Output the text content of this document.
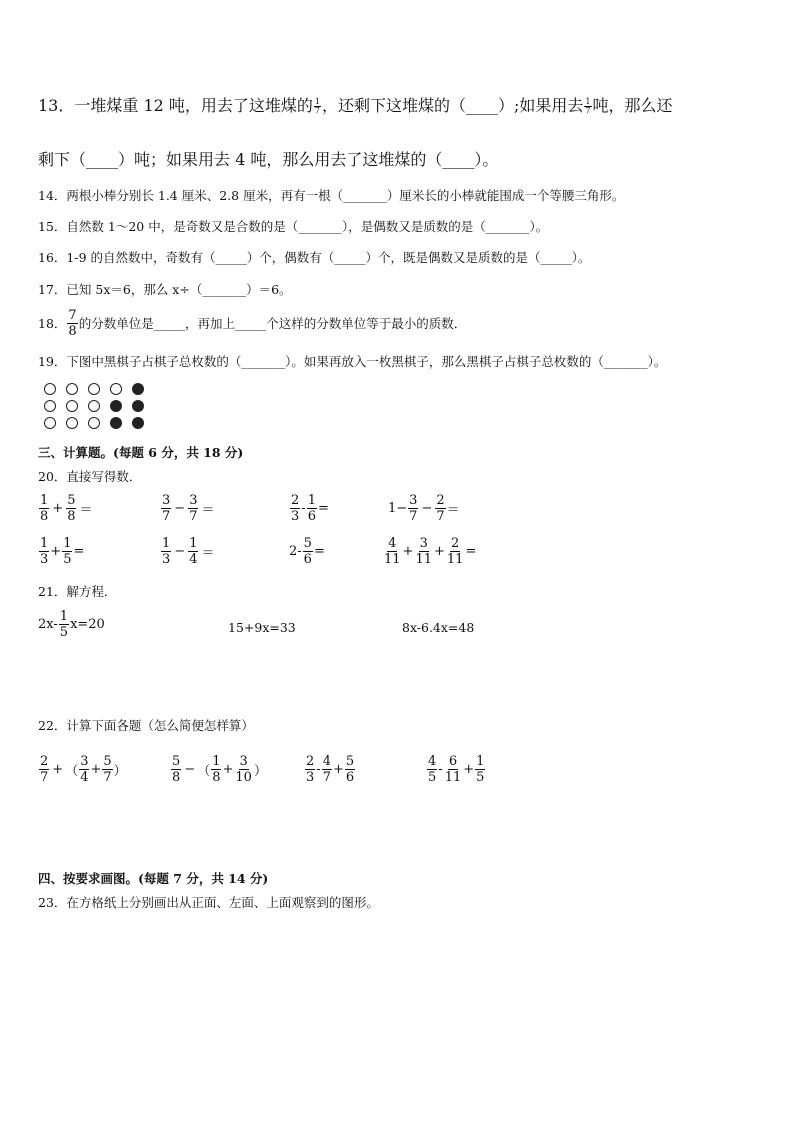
13．一堆煤重 12 吨，用去了这堆煤的 $\frac{1}{7}$ ，还剩下这堆煤的（____）;如果用去 $\frac{1}{7}$ 吨，那么还
剩下（____）吨；如果用去 4 吨，那么用去了这堆煤的（____）。
14．两根小棒分别长 1.4 厘米、2.8 厘米，再有一根（_______）厘米长的小棒就能围成一个等腰三角形。
15．自然数 1～20 中，是奇数又是合数的是（_______），是偶数又是质数的是（_______）。
16．1-9 的自然数中，奇数有（_____）个，偶数有（_____）个，既是偶数又是质数的是（_____）。
17．已知 5x＝6，那么 x÷（_______）＝6。
18． $\frac{7}{8}$ 的分数单位是_____，再加上_____个这样的分数单位等于最小的质数．
19．下图中黑棋子占棋子总枚数的（_______）。如果再放入一枚黑棋子，那么黑棋子占棋子总枚数的（_______）。
三、计算题。(每题 6 分，共 18 分)
20．直接写得数．
$\frac{1}{8} + \frac{5}{8}$ ＝	$\frac{3}{7} - \frac{3}{7}$ ＝	$\frac{2}{3} - \frac{1}{6}$ =	$1- \frac{3}{7} - \frac{2}{7}$ ＝
$\frac{1}{3} + \frac{1}{5}$ =	$\frac{1}{3} - \frac{1}{4}$ ＝	$2- \frac{5}{6}$ =	$\frac{4}{11} + \frac{3}{11} + \frac{2}{11}$ =
21．解方程．
$2x- \frac{1}{5} x=20$	15+9x=33	8x-6.4x=48
22．计算下面各题（怎么简便怎样算）
$\frac{2}{7}$ + （ $\frac{3}{4} + \frac{5}{7}$ ）	$\frac{5}{8}$ − （ $\frac{1}{8} + \frac{3}{10}$ ）	$\frac{2}{3} - \frac{4}{7} + \frac{5}{6}$	$\frac{4}{5} - \frac{6}{11} + \frac{1}{5}$
四、按要求画图。(每题 7 分，共 14 分)
23．在方格纸上分别画出从正面、左面、上面观察到的图形。
